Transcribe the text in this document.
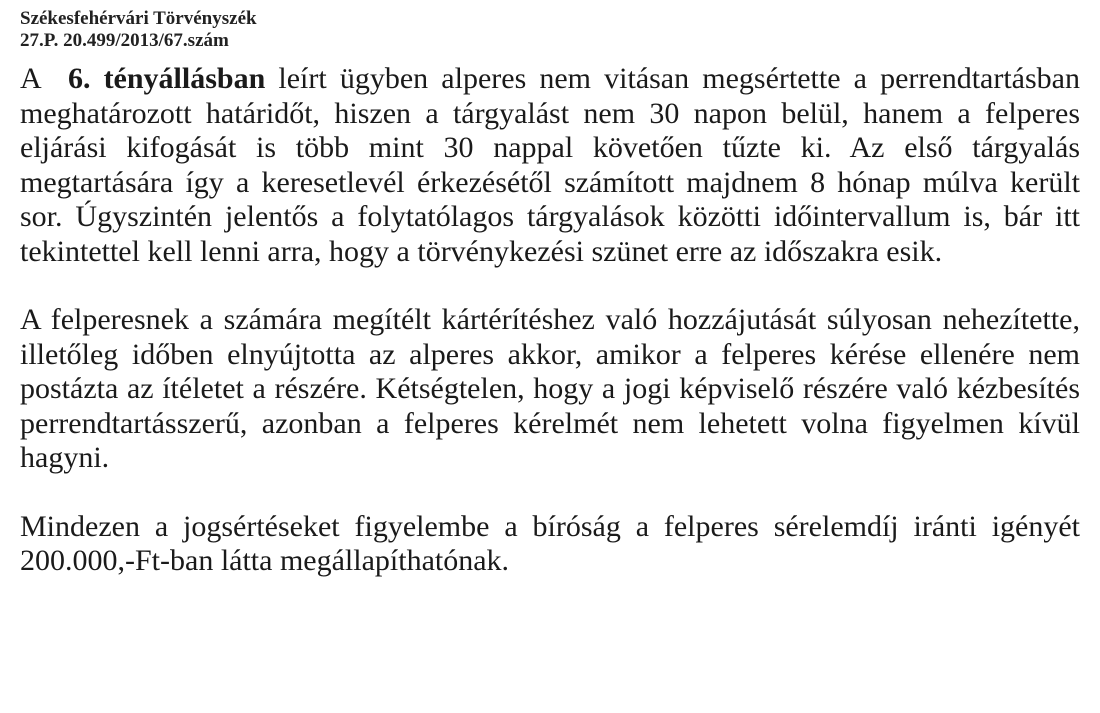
Székesfehérvári Törvényszék
27.P. 20.499/2013/67.szám

A 6. tényállásban leírt ügyben alperes nem vitásan megsértette a perrendtartásban meghatározott határidőt, hiszen a tárgyalást nem 30 napon belül, hanem a felperes eljárási kifogását is több mint 30 nappal követően tűzte ki. Az első tárgyalás megtartására így a keresetlevél érkezésétől számított majdnem 8 hónap múlva került sor. Úgyszintén jelentős a folytatólagos tárgyalások közötti időintervallum is, bár itt tekintettel kell lenni arra, hogy a törvénykezési szünet erre az időszakra esik.

A felperesnek a számára megítélt kártérítéshez való hozzájutását súlyosan nehezítette, illetőleg időben elnyújtotta az alperes akkor, amikor a felperes kérése ellenére nem postázta az ítéletet a részére. Kétségtelen, hogy a jogi képviselő részére való kézbesítés perrendtartásszerű, azonban a felperes kérelmét nem lehetett volna figyelmen kívül hagyni.

Mindezen a jogsértéseket figyelembe a bíróság a felperes sérelemdíj iránti igényét 200.000,-Ft-ban látta megállapíthatónak.
